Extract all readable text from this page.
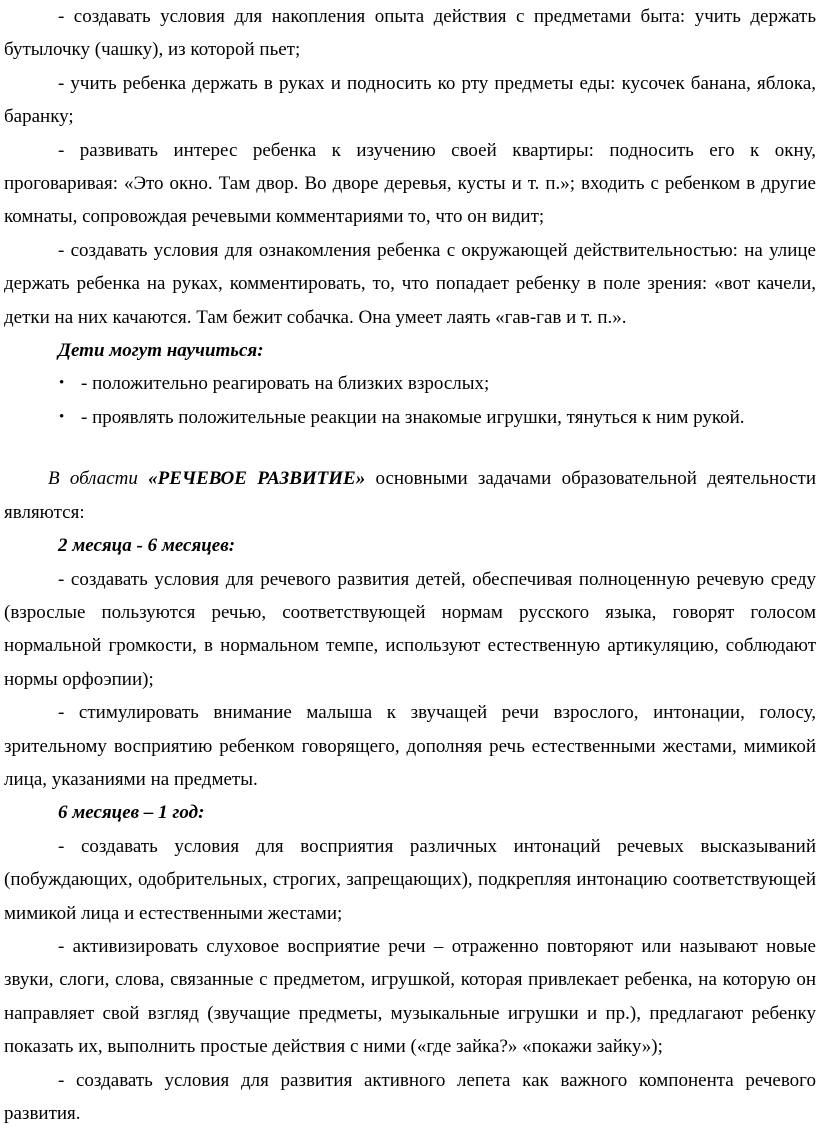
- создавать условия для накопления опыта действия с предметами быта: учить держать бутылочку (чашку), из которой пьет;

- учить ребенка держать в руках и подносить ко рту предметы еды: кусочек банана, яблока, баранку;

- развивать интерес ребенка к изучению своей квартиры: подносить его к окну, проговаривая: «Это окно. Там двор. Во дворе деревья, кусты и т. п.»; входить с ребенком в другие комнаты, сопровождая речевыми комментариями то, что он видит;

- создавать условия для ознакомления ребенка с окружающей действительностью: на улице держать ребенка на руках, комментировать, то, что попадает ребенку в поле зрения: «вот качели, детки на них качаются. Там бежит собачка. Она умеет лаять «гав-гав и т. п.».

Дети могут научиться:

• - положительно реагировать на близких взрослых;
• - проявлять положительные реакции на знакомые игрушки, тянуться к ним рукой.

В области «РЕЧЕВОЕ РАЗВИТИЕ» основными задачами образовательной деятельности являются:

2 месяца - 6 месяцев:

- создавать условия для речевого развития детей, обеспечивая полноценную речевую среду (взрослые пользуются речью, соответствующей нормам русского языка, говорят голосом нормальной громкости, в нормальном темпе, используют естественную артикуляцию, соблюдают нормы орфоэпии);

- стимулировать внимание малыша к звучащей речи взрослого, интонации, голосу, зрительному восприятию ребенком говорящего, дополняя речь естественными жестами, мимикой лица, указаниями на предметы.

6 месяцев – 1 год:

- создавать условия для восприятия различных интонаций речевых высказываний (побуждающих, одобрительных, строгих, запрещающих), подкрепляя интонацию соответствующей мимикой лица и естественными жестами;

- активизировать слуховое восприятие речи – отраженно повторяют или называют новые звуки, слоги, слова, связанные с предметом, игрушкой, которая привлекает ребенка, на которую он направляет свой взгляд (звучащие предметы, музыкальные игрушки и пр.), предлагают ребенку показать их, выполнить простые действия с ними («где зайка?» «покажи зайку»);

- создавать условия для развития активного лепета как важного компонента речевого развития.
